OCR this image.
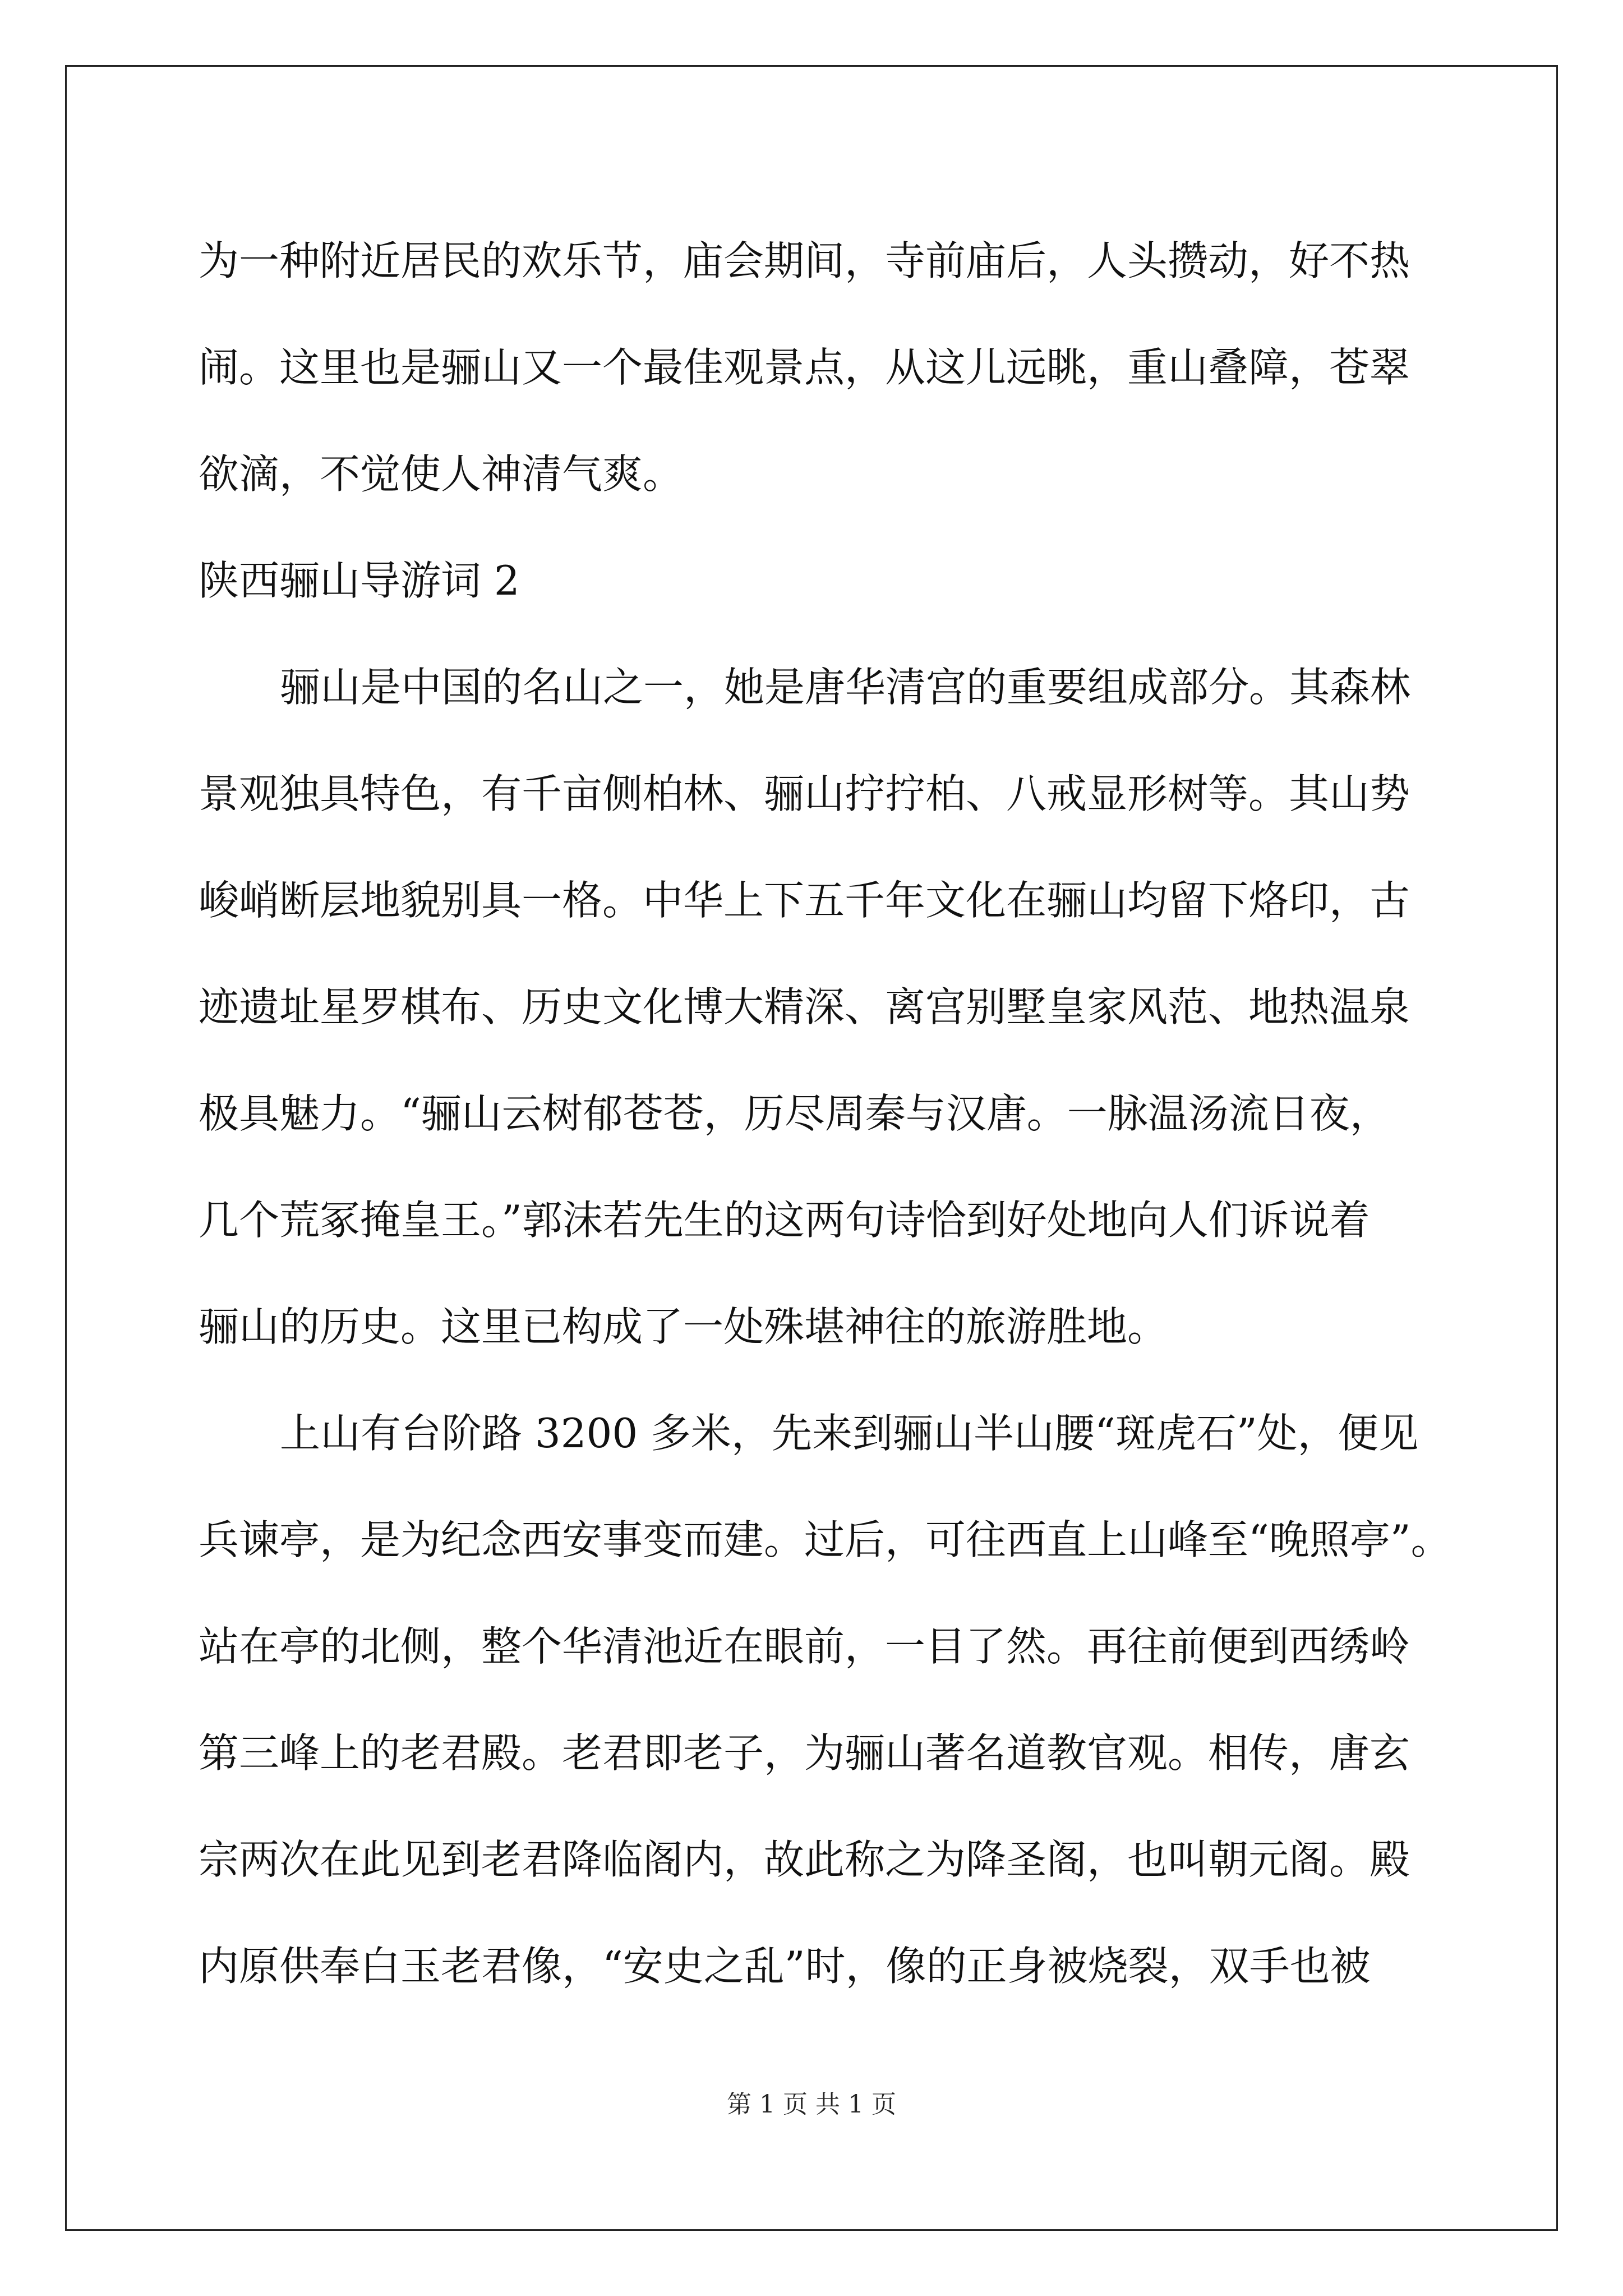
为一种附近居民的欢乐节，庙会期间，寺前庙后，人头攒动，好不热
闹。这里也是骊山又一个最佳观景点，从这儿远眺，重山叠障，苍翠
欲滴，不觉使人神清气爽。
陕西骊山导游词 2
骊山是中国的名山之一，她是唐华清宫的重要组成部分。其森林
景观独具特色，有千亩侧柏林、骊山拧拧柏、八戒显形树等。其山势
峻峭断层地貌别具一格。中华上下五千年文化在骊山均留下烙印，古
迹遗址星罗棋布、历史文化博大精深、离宫别墅皇家风范、地热温泉
极具魅力。“骊山云树郁苍苍，历尽周秦与汉唐。一脉温汤流日夜，
几个荒冢掩皇王。”郭沫若先生的这两句诗恰到好处地向人们诉说着
骊山的历史。这里已构成了一处殊堪神往的旅游胜地。
上山有台阶路 3200 多米，先来到骊山半山腰“斑虎石”处，便见
兵谏亭，是为纪念西安事变而建。过后，可往西直上山峰至“晚照亭”。
站在亭的北侧，整个华清池近在眼前，一目了然。再往前便到西绣岭
第三峰上的老君殿。老君即老子，为骊山著名道教官观。相传，唐玄
宗两次在此见到老君降临阁内，故此称之为降圣阁，也叫朝元阁。殿
内原供奉白玉老君像，“安史之乱”时，像的正身被烧裂，双手也被
第 1 页 共 1 页
